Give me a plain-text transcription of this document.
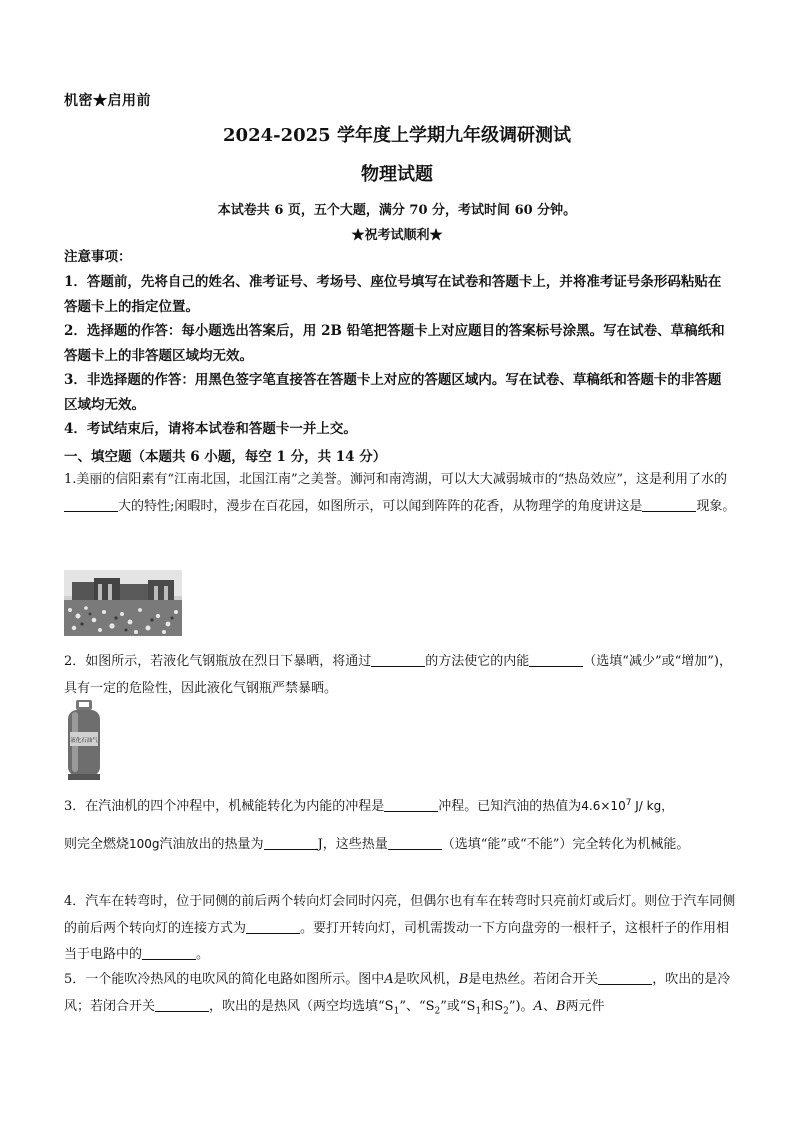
机密★启用前
2024-2025 学年度上学期九年级调研测试
物理试题
本试卷共 6 页，五个大题，满分 70 分，考试时间 60 分钟。
★祝考试顺利★
注意事项：

1．答题前，先将自己的姓名、准考证号、考场号、座位号填写在试卷和答题卡上，并将准考证号条形码粘贴在答题卡上的指定位置。

2．选择题的作答：每小题选出答案后，用 2B 铅笔把答题卡上对应题目的答案标号涂黑。写在试卷、草稿纸和答题卡上的非答题区域均无效。

3．非选择题的作答：用黑色签字笔直接答在答题卡上对应的答题区域内。写在试卷、草稿纸和答题卡的非答题区域均无效。

4．考试结束后，请将本试卷和答题卡一并上交。

一、填空题（本题共 6 小题，每空 1 分，共 14 分）
1.美丽的信阳素有“江南北国，北国江南”之美誉。浉河和南湾湖，可以大大减弱城市的“热岛效应”，这是利用了水的大的特性;闲暇时，漫步在百花园，如图所示，可以闻到阵阵的花香，从物理学的角度讲这是	现象。
2．如图所示，若液化气钢瓶放在烈日下暴晒，将通过	的方法使它的内能	（选填“减少”或“增加”)，具有一定的危险性，因此液化气钢瓶严禁暴晒。
液化石油气
3．在汽油机的四个冲程中，机械能转化为内能的冲程是	冲程。已知汽油的热值为$4.6\times 10^7$ J/ kg，
则完全燃烧100g汽油放出的热量为	J，这些热量	（选填“能”或“不能”）完全转化为机械能。
4．汽车在转弯时，位于同侧的前后两个转向灯会同时闪亮，但偶尔也有车在转弯时只亮前灯或后灯。则位于汽车同侧的前后两个转向灯的连接方式为	。要打开转向灯，司机需拨动一下方向盘旁的一根杆子，这根杆子的作用相当于电路中的	。
5．一个能吹冷热风的电吹风的简化电路如图所示。图中A是吹风机，B是电热丝。若闭合开关	，吹出的是冷风；若闭合开关	，吹出的是热风（两空均选填“$S_1$”、“$S_2$”或“$S_1$和$S_2$”)。A、B两元件
